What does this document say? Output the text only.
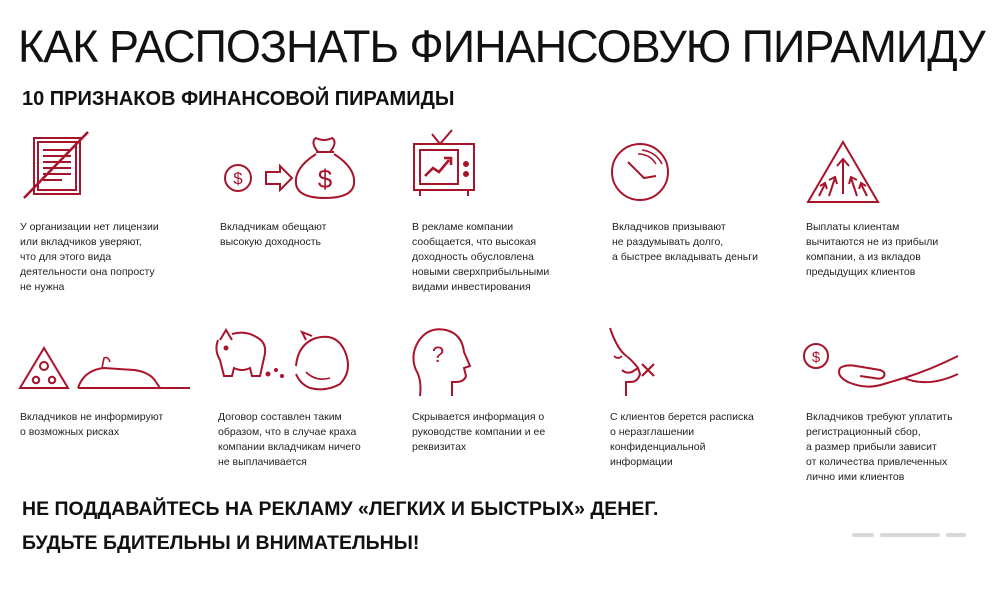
КАК РАСПОЗНАТЬ ФИНАНСОВУЮ ПИРАМИДУ
10 ПРИЗНАКОВ ФИНАНСОВОЙ ПИРАМИДЫ
У организации нет лицензии
или вкладчиков уверяют,
что для этого вида
деятельности она попросту
не нужна
$	$
Вкладчикам обещают
высокую доходность
В рекламе компании
сообщается, что высокая
доходность обусловлена
новыми сверхприбыльными
видами инвестирования
Вкладчиков призывают
не раздумывать долго,
а быстрее вкладывать деньги
Выплаты клиентам
вычитаются не из прибыли
компании, а из вкладов
предыдущих клиентов
Вкладчиков не информируют
о возможных рисках
Договор составлен таким
образом, что в случае краха
компании вкладчикам ничего
не выплачивается
?
Скрывается информация о
руководстве компании и ее
реквизитах
С клиентов берется расписка
о неразглашении
конфиденциальной
информации
$
Вкладчиков требуют уплатить
регистрационный сбор,
а размер прибыли зависит
от количества привлеченных
лично ими клиентов

НЕ ПОДДАВАЙТЕСЬ НА РЕКЛАМУ «ЛЕГКИХ И БЫСТРЫХ» ДЕНЕГ.

БУДЬТЕ БДИТЕЛЬНЫ И ВНИМАТЕЛЬНЫ!
